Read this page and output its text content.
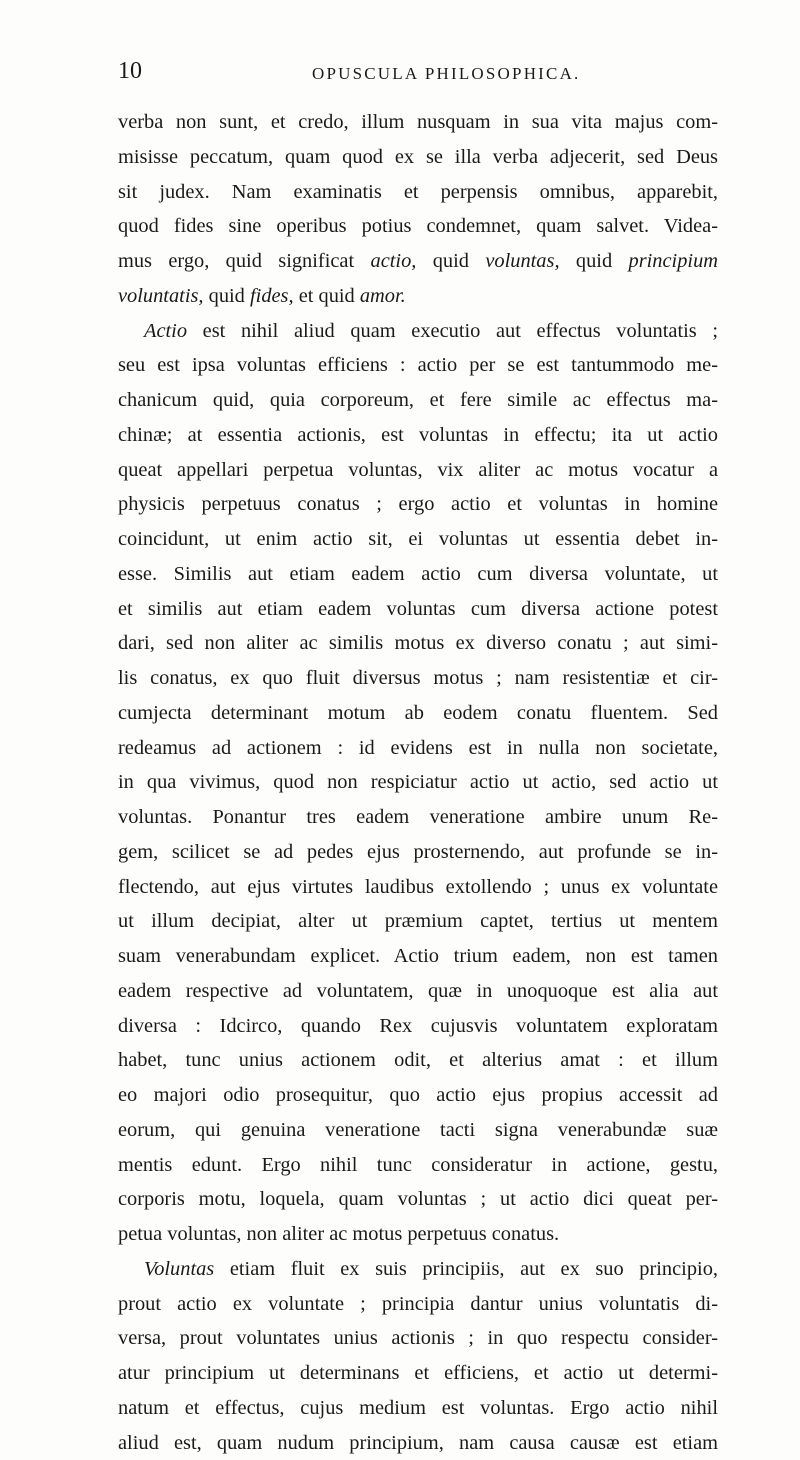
10	OPUSCULA PHILOSOPHICA.
verba non sunt, et credo, illum nusquam in sua vita majus com-
misisse peccatum, quam quod ex se illa verba adjecerit, sed Deus
sit judex. Nam examinatis et perpensis omnibus, apparebit,
quod fides sine operibus potius condemnet, quam salvet. Videa-
mus ergo, quid significat actio, quid voluntas, quid principium
voluntatis, quid fides, et quid amor.
Actio est nihil aliud quam executio aut effectus voluntatis ;
seu est ipsa voluntas efficiens : actio per se est tantummodo me-
chanicum quid, quia corporeum, et fere simile ac effectus ma-
chinæ; at essentia actionis, est voluntas in effectu; ita ut actio
queat appellari perpetua voluntas, vix aliter ac motus vocatur a
physicis perpetuus conatus ; ergo actio et voluntas in homine
coincidunt, ut enim actio sit, ei voluntas ut essentia debet in-
esse. Similis aut etiam eadem actio cum diversa voluntate, ut
et similis aut etiam eadem voluntas cum diversa actione potest
dari, sed non aliter ac similis motus ex diverso conatu ; aut simi-
lis conatus, ex quo fluit diversus motus ; nam resistentiæ et cir-
cumjecta determinant motum ab eodem conatu fluentem. Sed
redeamus ad actionem : id evidens est in nulla non societate,
in qua vivimus, quod non respiciatur actio ut actio, sed actio ut
voluntas. Ponantur tres eadem veneratione ambire unum Re-
gem, scilicet se ad pedes ejus prosternendo, aut profunde se in-
flectendo, aut ejus virtutes laudibus extollendo ; unus ex voluntate
ut illum decipiat, alter ut præmium captet, tertius ut mentem
suam venerabundam explicet. Actio trium eadem, non est tamen
eadem respective ad voluntatem, quæ in unoquoque est alia aut
diversa : Idcirco, quando Rex cujusvis voluntatem exploratam
habet, tunc unius actionem odit, et alterius amat : et illum
eo majori odio prosequitur, quo actio ejus propius accessit ad
eorum, qui genuina veneratione tacti signa venerabundæ suæ
mentis edunt. Ergo nihil tunc consideratur in actione, gestu,
corporis motu, loquela, quam voluntas ; ut actio dici queat per-
petua voluntas, non aliter ac motus perpetuus conatus.
Voluntas etiam fluit ex suis principiis, aut ex suo principio,
prout actio ex voluntate ; principia dantur unius voluntatis di-
versa, prout voluntates unius actionis ; in quo respectu consider-
atur principium ut determinans et efficiens, et actio ut determi-
natum et effectus, cujus medium est voluntas. Ergo actio nihil
aliud est, quam nudum principium, nam causa causæ est etiam
